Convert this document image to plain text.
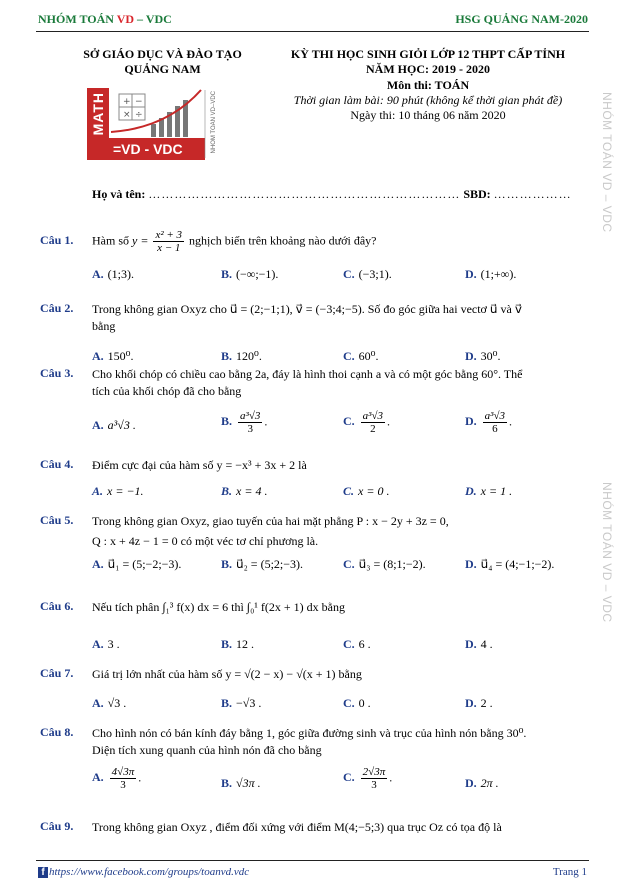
NHÓM TOÁN VD – VDC	HSG QUẢNG NAM-2020
SỞ GIÁO DỤC VÀ ĐÀO TẠO
QUẢNG NAM
KỲ THI HỌC SINH GIỎI LỚP 12 THPT CẤP TỈNH
NĂM HỌC: 2019 - 2020
Môn thi: TOÁN
Thời gian làm bài: 90 phút (không kể thời gian phát đề)
Ngày thi: 10 tháng 06 năm 2020
+ −
× ÷
MATH
=VD - VDC	NHÓM TOÁN VD–VDC	NHÓM TOÁN VD – VDC
NHÓM TOÁN VD – VDC
Họ và tên: ……………………………………………………………… SBD: ………………
Câu 1. Hàm số $y = \frac{\text{x² + 3}}{x - 1}$ nghịch biến trên khoảng nào dưới đây?
A. (1;3).	B. (−∞;−1).	C. (−3;1).	D. (1;+∞).
Câu 2. Trong không gian Oxyz cho u⃗ = (2;−1;1), v⃗ = (−3;4;−5). Số đo góc giữa hai vectơ u⃗ và v⃗
bằng
A. 150⁰.	B. 120⁰.	C. 60⁰.	D. 30⁰.
Câu 3. Cho khối chóp có chiều cao bằng 2a, đáy là hình thoi cạnh a và có một góc bằng 60°. Thể
tích của khối chóp đã cho bằng
A. a³√3 .	B. $\frac{\text{a³√3}}{3}$ .	C. $\frac{\text{a³√3}}{2}$ .	D. $\frac{\text{a³√3}}{6}$ .
Câu 4. Điểm cực đại của hàm số y = −x³ + 3x + 2 là
A. x = −1.	B. x = 4 .	C. x = 0 .	D. x = 1 .
Câu 5. Trong không gian Oxyz, giao tuyến của hai mặt phẳng P : x − 2y + 3z = 0,
Q : x + 4z − 1 = 0 có một véc tơ chỉ phương là.
A. u⃗₁ = (5;−2;−3).	B. u⃗₂ = (5;2;−3).	C. u⃗₃ = (8;1;−2).	D. u⃗₄ = (4;−1;−2).
Câu 6. Nếu tích phân ∫₁³ f(x) dx = 6 thì ∫₀¹ f(2x + 1) dx bằng
A. 3 .	B. 12 .	C. 6 .	D. 4 .
Câu 7. Giá trị lớn nhất của hàm số y = √(2 − x) − √(x + 1) bằng
A. √3 .	B. −√3 .	C. 0 .	D. 2 .
Câu 8. Cho hình nón có bán kính đáy bằng 1, góc giữa đường sinh và trục của hình nón bằng 30⁰.
Diện tích xung quanh của hình nón đã cho bằng
A. $\frac{4√3\pi}{3}$ .	B. √3π .	C. $\frac{2√3\pi}{3}$ .	D. 2π .
Câu 9. Trong không gian Oxyz , điểm đối xứng với điểm M(4;−5;3) qua trục Oz có tọa độ là
f https://www.facebook.com/groups/toanvd.vdc	Trang 1
